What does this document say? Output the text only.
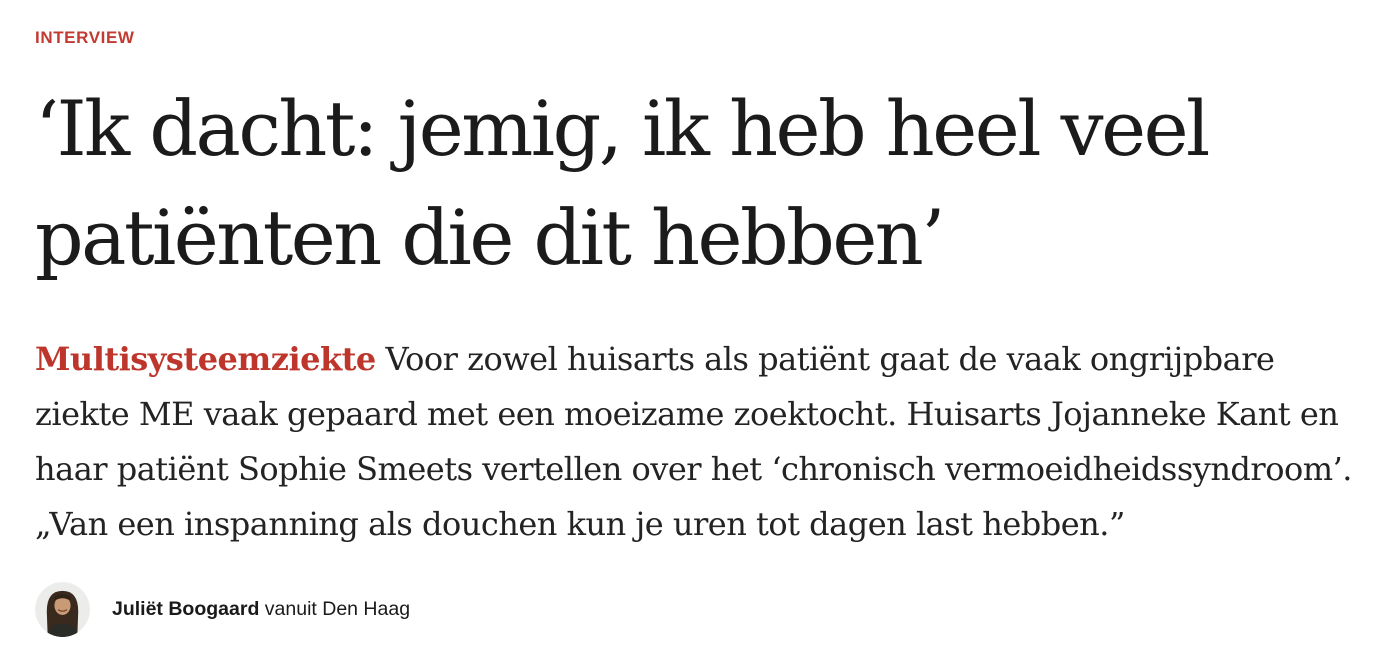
INTERVIEW
‘Ik dacht: jemig, ik heb heel veel
patiënten die dit hebben’

Multisysteemziekte Voor zowel huisarts als patiënt gaat de vaak ongrijpbare ziekte ME vaak gepaard met een moeizame zoektocht. Huisarts Jojanneke Kant en haar patiënt Sophie Smeets vertellen over het ‘chronisch vermoeidheidssyndroom’. „Van een inspanning als douchen kun je uren tot dagen last hebben.”

Juliët Boogaard vanuit Den Haag
